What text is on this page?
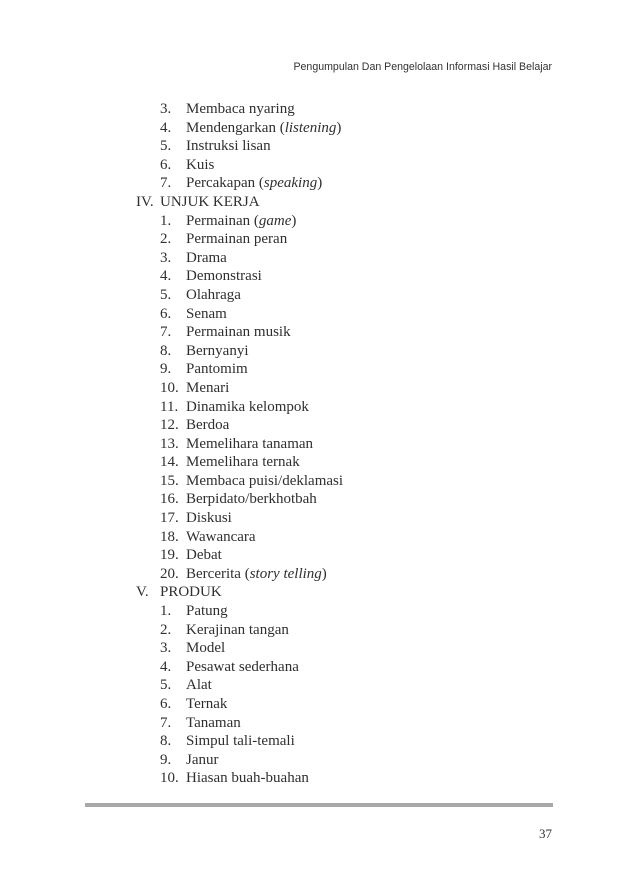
Pengumpulan Dan Pengelolaan Informasi Hasil Belajar
3. Membaca nyaring
4. Mendengarkan (listening)
5. Instruksi lisan
6. Kuis
7. Percakapan (speaking)
IV. UNJUK KERJA
1. Permainan (game)
2. Permainan peran
3. Drama
4. Demonstrasi
5. Olahraga
6. Senam
7. Permainan musik
8. Bernyanyi
9. Pantomim
10. Menari
11. Dinamika kelompok
12. Berdoa
13. Memelihara tanaman
14. Memelihara ternak
15. Membaca puisi/deklamasi
16. Berpidato/berkhotbah
17. Diskusi
18. Wawancara
19. Debat
20. Bercerita (story telling)
V. PRODUK
1. Patung
2. Kerajinan tangan
3. Model
4. Pesawat sederhana
5. Alat
6. Ternak
7. Tanaman
8. Simpul tali-temali
9. Janur
10. Hiasan buah-buahan
37
